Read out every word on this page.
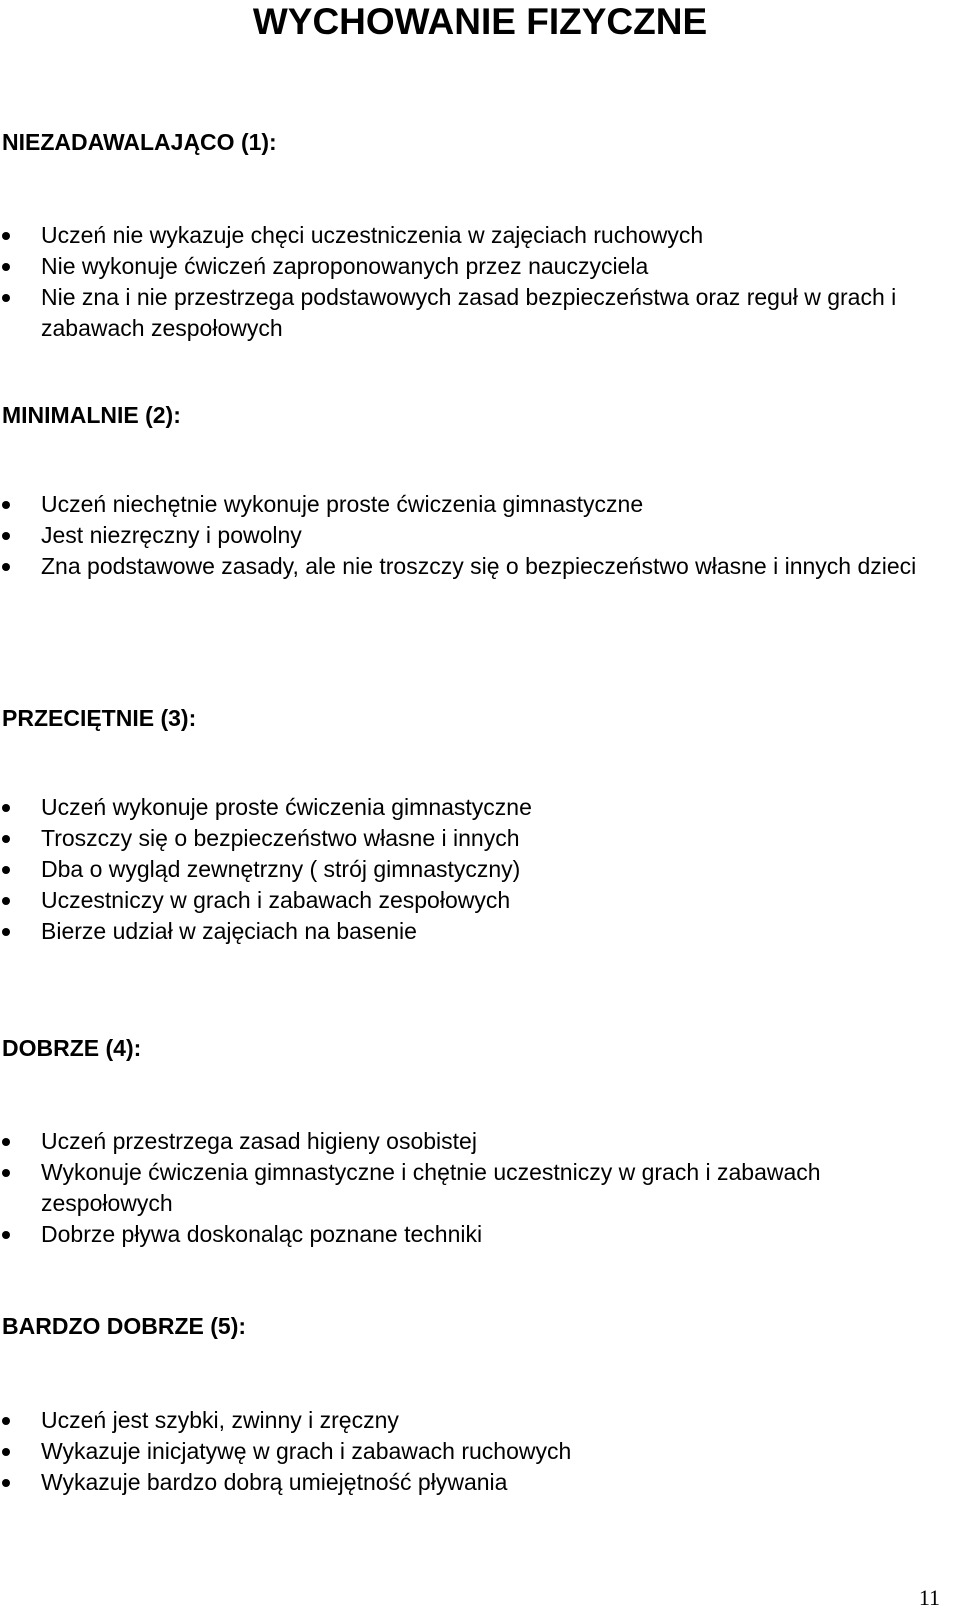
WYCHOWANIE FIZYCZNE
NIEZADAWALAJĄCO (1):
Uczeń nie wykazuje chęci uczestniczenia w zajęciach ruchowych
Nie wykonuje ćwiczeń zaproponowanych przez nauczyciela
Nie zna i nie przestrzega podstawowych zasad bezpieczeństwa oraz reguł w grach i zabawach zespołowych
MINIMALNIE (2):
Uczeń niechętnie wykonuje proste ćwiczenia gimnastyczne
Jest niezręczny i powolny
Zna podstawowe zasady, ale nie troszczy się o bezpieczeństwo własne i innych dzieci
PRZECIĘTNIE (3):
Uczeń wykonuje proste ćwiczenia gimnastyczne
Troszczy się o bezpieczeństwo własne i innych
Dba o wygląd zewnętrzny ( strój gimnastyczny)
Uczestniczy w grach i zabawach zespołowych
Bierze udział w zajęciach na basenie
DOBRZE (4):
Uczeń przestrzega zasad higieny osobistej
Wykonuje ćwiczenia gimnastyczne i chętnie uczestniczy w grach i zabawach zespołowych
Dobrze pływa doskonaląc poznane techniki
BARDZO DOBRZE (5):
Uczeń jest szybki, zwinny i zręczny
Wykazuje inicjatywę w grach i zabawach ruchowych
Wykazuje bardzo dobrą umiejętność pływania
11
